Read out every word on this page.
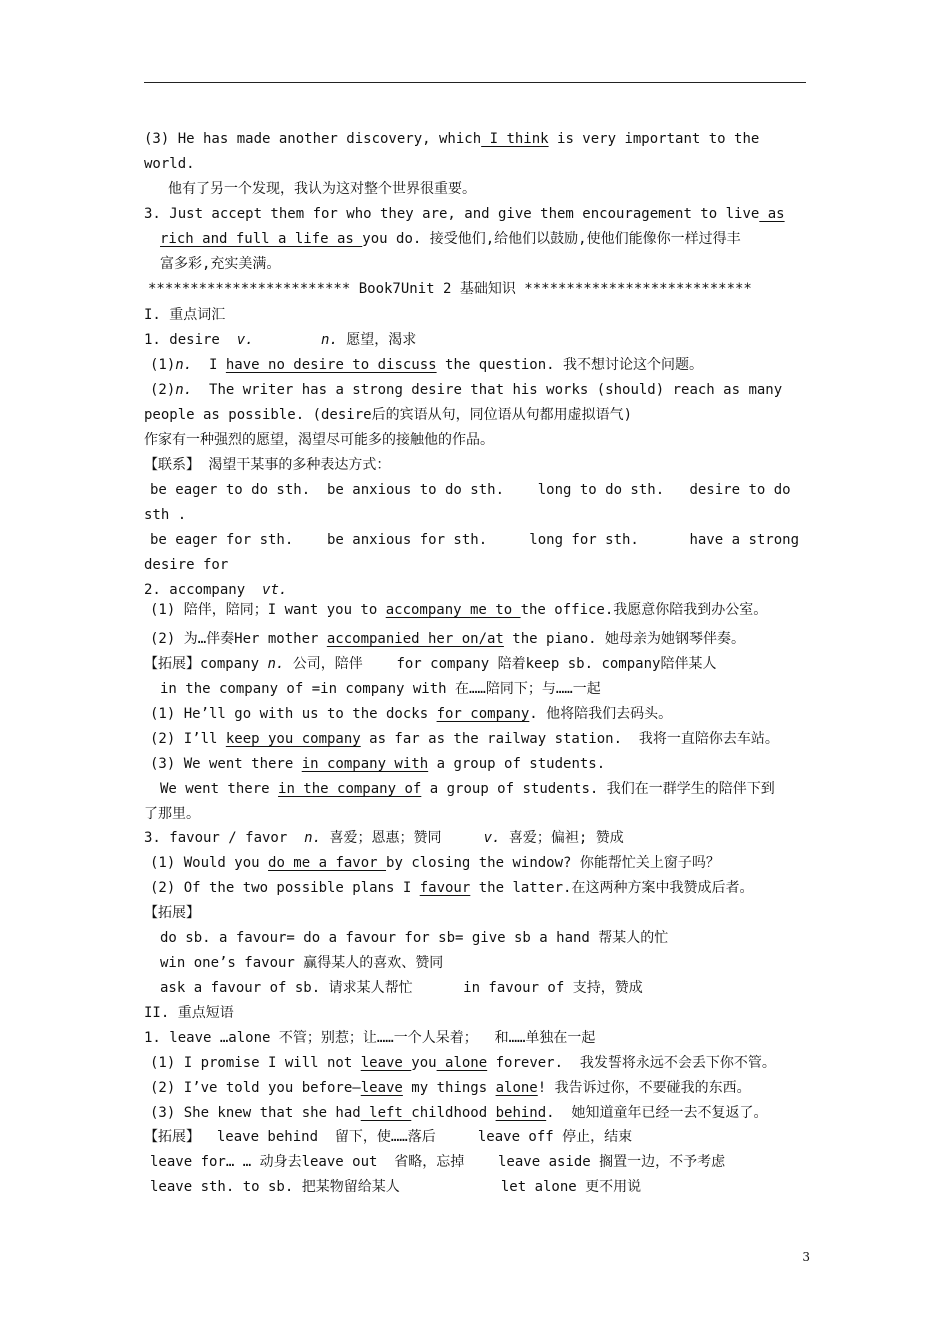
(3) He has made another discovery, which I think is very important to the
world.
他有了另一个发现，我认为这对整个世界很重要。
3. Just accept them for who they are, and give them encouragement to live as
rich and full a life as you do. 接受他们,给他们以鼓励,使他们能像你一样过得丰
富多彩,充实美满。
************************ Book7Unit 2 基础知识 ***************************
I. 重点词汇
1. desire  v.	n. 愿望，渴求
(1)n.  I have no desire to discuss the question. 我不想讨论这个问题。
(2)n.  The writer has a strong desire that his works (should) reach as many
people as possible. (desire后的宾语从句，同位语从句都用虚拟语气)
作家有一种强烈的愿望，渴望尽可能多的接触他的作品。
【联系】 渴望干某事的多种表达方式：
be eager to do sth.  be anxious to do sth.    long to do sth.   desire to do
sth .
be eager for sth.    be anxious for sth.     long for sth.      have a strong
desire for
2. accompany  vt.
(1) 陪伴，陪同；I want you to accompany me to the office.我愿意你陪我到办公室。
(2) 为…伴奏Her mother accompanied her on/at the piano. 她母亲为她钢琴伴奏。
【拓展】company n. 公司，陪伴    for company 陪着keep sb. company陪伴某人
in the company of =in company with 在……陪同下；与……一起
(1) He’ll go with us to the docks for company. 他将陪我们去码头。
(2) I’ll keep you company as far as the railway station.  我将一直陪你去车站。
(3) We went there in company with a group of students.
We went there in the company of a group of students. 我们在一群学生的陪伴下到
了那里。
3. favour / favor  n. 喜爱；恩惠；赞同     v. 喜爱；偏袒; 赞成
(1) Would you do me a favor by closing the window? 你能帮忙关上窗子吗？
(2) Of the two possible plans I favour the latter.在这两种方案中我赞成后者。
【拓展】
do sb. a favour= do a favour for sb= give sb a hand 帮某人的忙
win one’s favour 赢得某人的喜欢、赞同
ask a favour of sb. 请求某人帮忙      in favour of 支持，赞成
II. 重点短语
1. leave …alone 不管；别惹；让……一个人呆着；  和……单独在一起
(1) I promise I will not leave you alone forever.  我发誓将永远不会丢下你不管。
(2) I’ve told you before—leave my things alone! 我告诉过你，不要碰我的东西。
(3) She knew that she had left childhood behind.  她知道童年已经一去不复返了。
【拓展】  leave behind  留下，使……落后     leave off 停止，结束
leave for… … 动身去leave out  省略，忘掉    leave aside 搁置一边，不予考虑
leave sth. to sb. 把某物留给某人            let alone 更不用说
3
